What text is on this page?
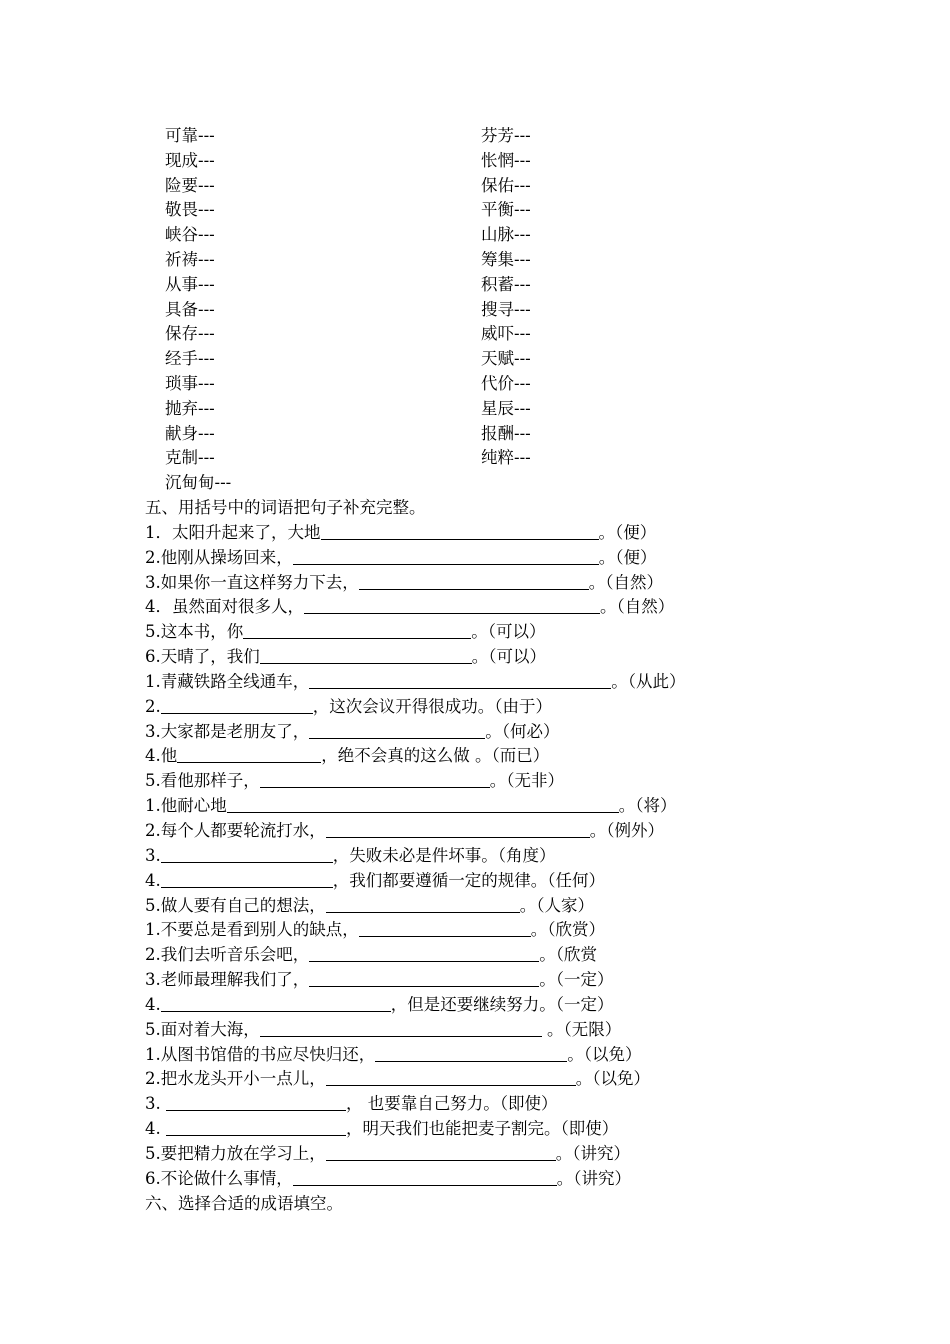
可靠---	芬芳---
现成---	怅惘---
险要---	保佑---
敬畏---	平衡---
峡谷---	山脉---
祈祷---	筹集---
从事---	积蓄---
具备---	搜寻---
保存---	威吓---
经手---	天赋---
琐事---	代价---
抛弃---	星辰---
献身---	报酬---
克制---	纯粹---
沉甸甸---
五、用括号中的词语把句子补充完整。
1．太阳升起来了，大地	。（便）
2.他刚从操场回来，	。（便）
3.如果你一直这样努力下去，	。（自然）
4．虽然面对很多人，	。（自然）
5.这本书，你	。（可以）
6.天晴了，我们	。（可以）
1.青藏铁路全线通车，	。（从此）
2.	，这次会议开得很成功。（由于）
3.大家都是老朋友了，	。（何必）
4.他	，绝不会真的这么做 。（而已）
5.看他那样子，	。（无非）
1.他耐心地	。（将）
2.每个人都要轮流打水，	。（例外）
3.	，失败未必是件坏事。（角度）
4.	，我们都要遵循一定的规律。（任何）
5.做人要有自己的想法，	。（人家）
1.不要总是看到别人的缺点，	。（欣赏）
2.我们去听音乐会吧，	。（欣赏
3.老师最理解我们了，	。（一定）
4.	，但是还要继续努力。（一定）
5.面对着大海，	。（无限）
1.从图书馆借的书应尽快归还，	。（以免）
2.把水龙头开小一点儿，	。（以免）
3.	， 也要靠自己努力。（即使）
4.	，明天我们也能把麦子割完。（即使）
5.要把精力放在学习上，	。（讲究）
6.不论做什么事情，	。（讲究）
六、选择合适的成语填空。
